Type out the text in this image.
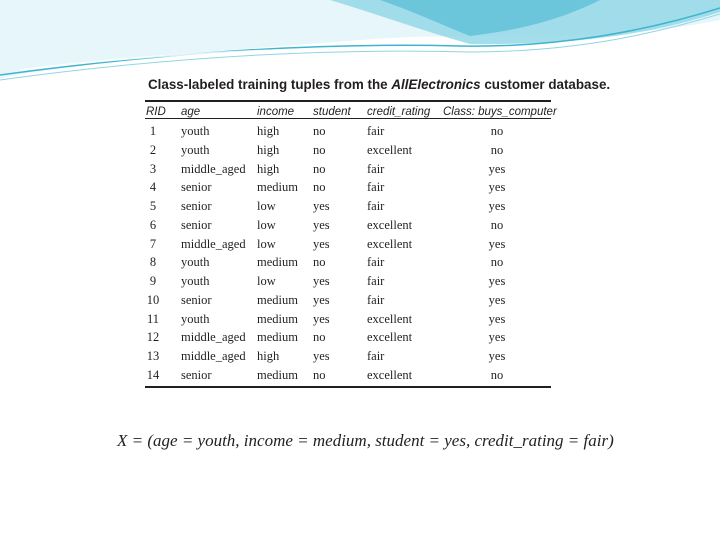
Class-labeled training tuples from the AllElectronics customer database.
RID age	income student credit_rating Class: buys_computer
1	youth	high	no	fair	no
2	youth	high	no	excellent	no
3	middle_aged high	no	fair	yes
4	senior	medium no	fair	yes
5	senior	low	yes	fair	yes
6	senior	low	yes	excellent	no
7	middle_aged low	yes	excellent	yes
8	youth	medium no	fair	no
9	youth	low	yes	fair	yes
10	senior	medium yes	fair	yes
11	youth	medium yes	excellent	yes
12	middle_aged medium no	excellent	yes
13	middle_aged high	yes	fair	yes
14	senior	medium no	excellent	no
X = (age = youth, income = medium, student = yes, credit_rating = fair)
